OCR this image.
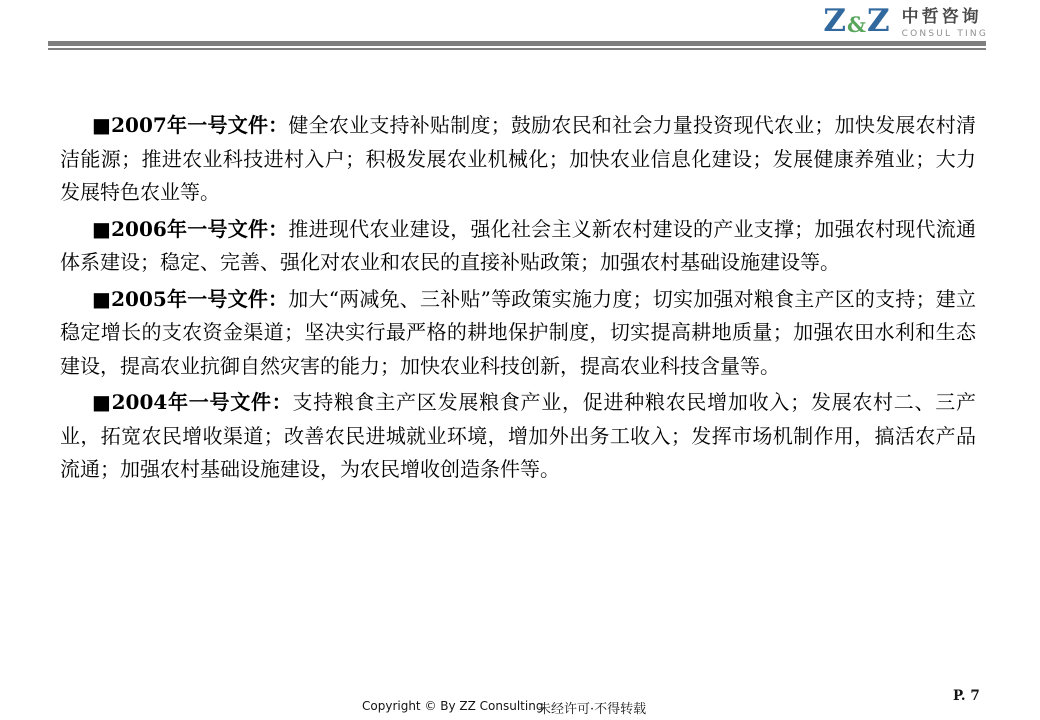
Z&Z 中哲咨询
CONSUL TING

■2007年一号文件：健全农业支持补贴制度；鼓励农民和社会力量投资现代农业；加快发展农村清洁能源；推进农业科技进村入户；积极发展农业机械化；加快农业信息化建设；发展健康养殖业；大力发展特色农业等。

■2006年一号文件：推进现代农业建设，强化社会主义新农村建设的产业支撑；加强农村现代流通体系建设；稳定、完善、强化对农业和农民的直接补贴政策；加强农村基础设施建设等。

■2005年一号文件：加大“两减免、三补贴”等政策实施力度；切实加强对粮食主产区的支持；建立稳定增长的支农资金渠道；坚决实行最严格的耕地保护制度，切实提高耕地质量；加强农田水利和生态建设，提高农业抗御自然灾害的能力；加快农业科技创新，提高农业科技含量等。

■2004年一号文件：支持粮食主产区发展粮食产业，促进种粮农民增加收入；发展农村二、三产业，拓宽农民增收渠道；改善农民进城就业环境，增加外出务工收入；发挥市场机制作用，搞活农产品流通；加强农村基础设施建设，为农民增收创造条件等。

Copyright © By ZZ Consulting
未经许可·不得转载
P. 7
